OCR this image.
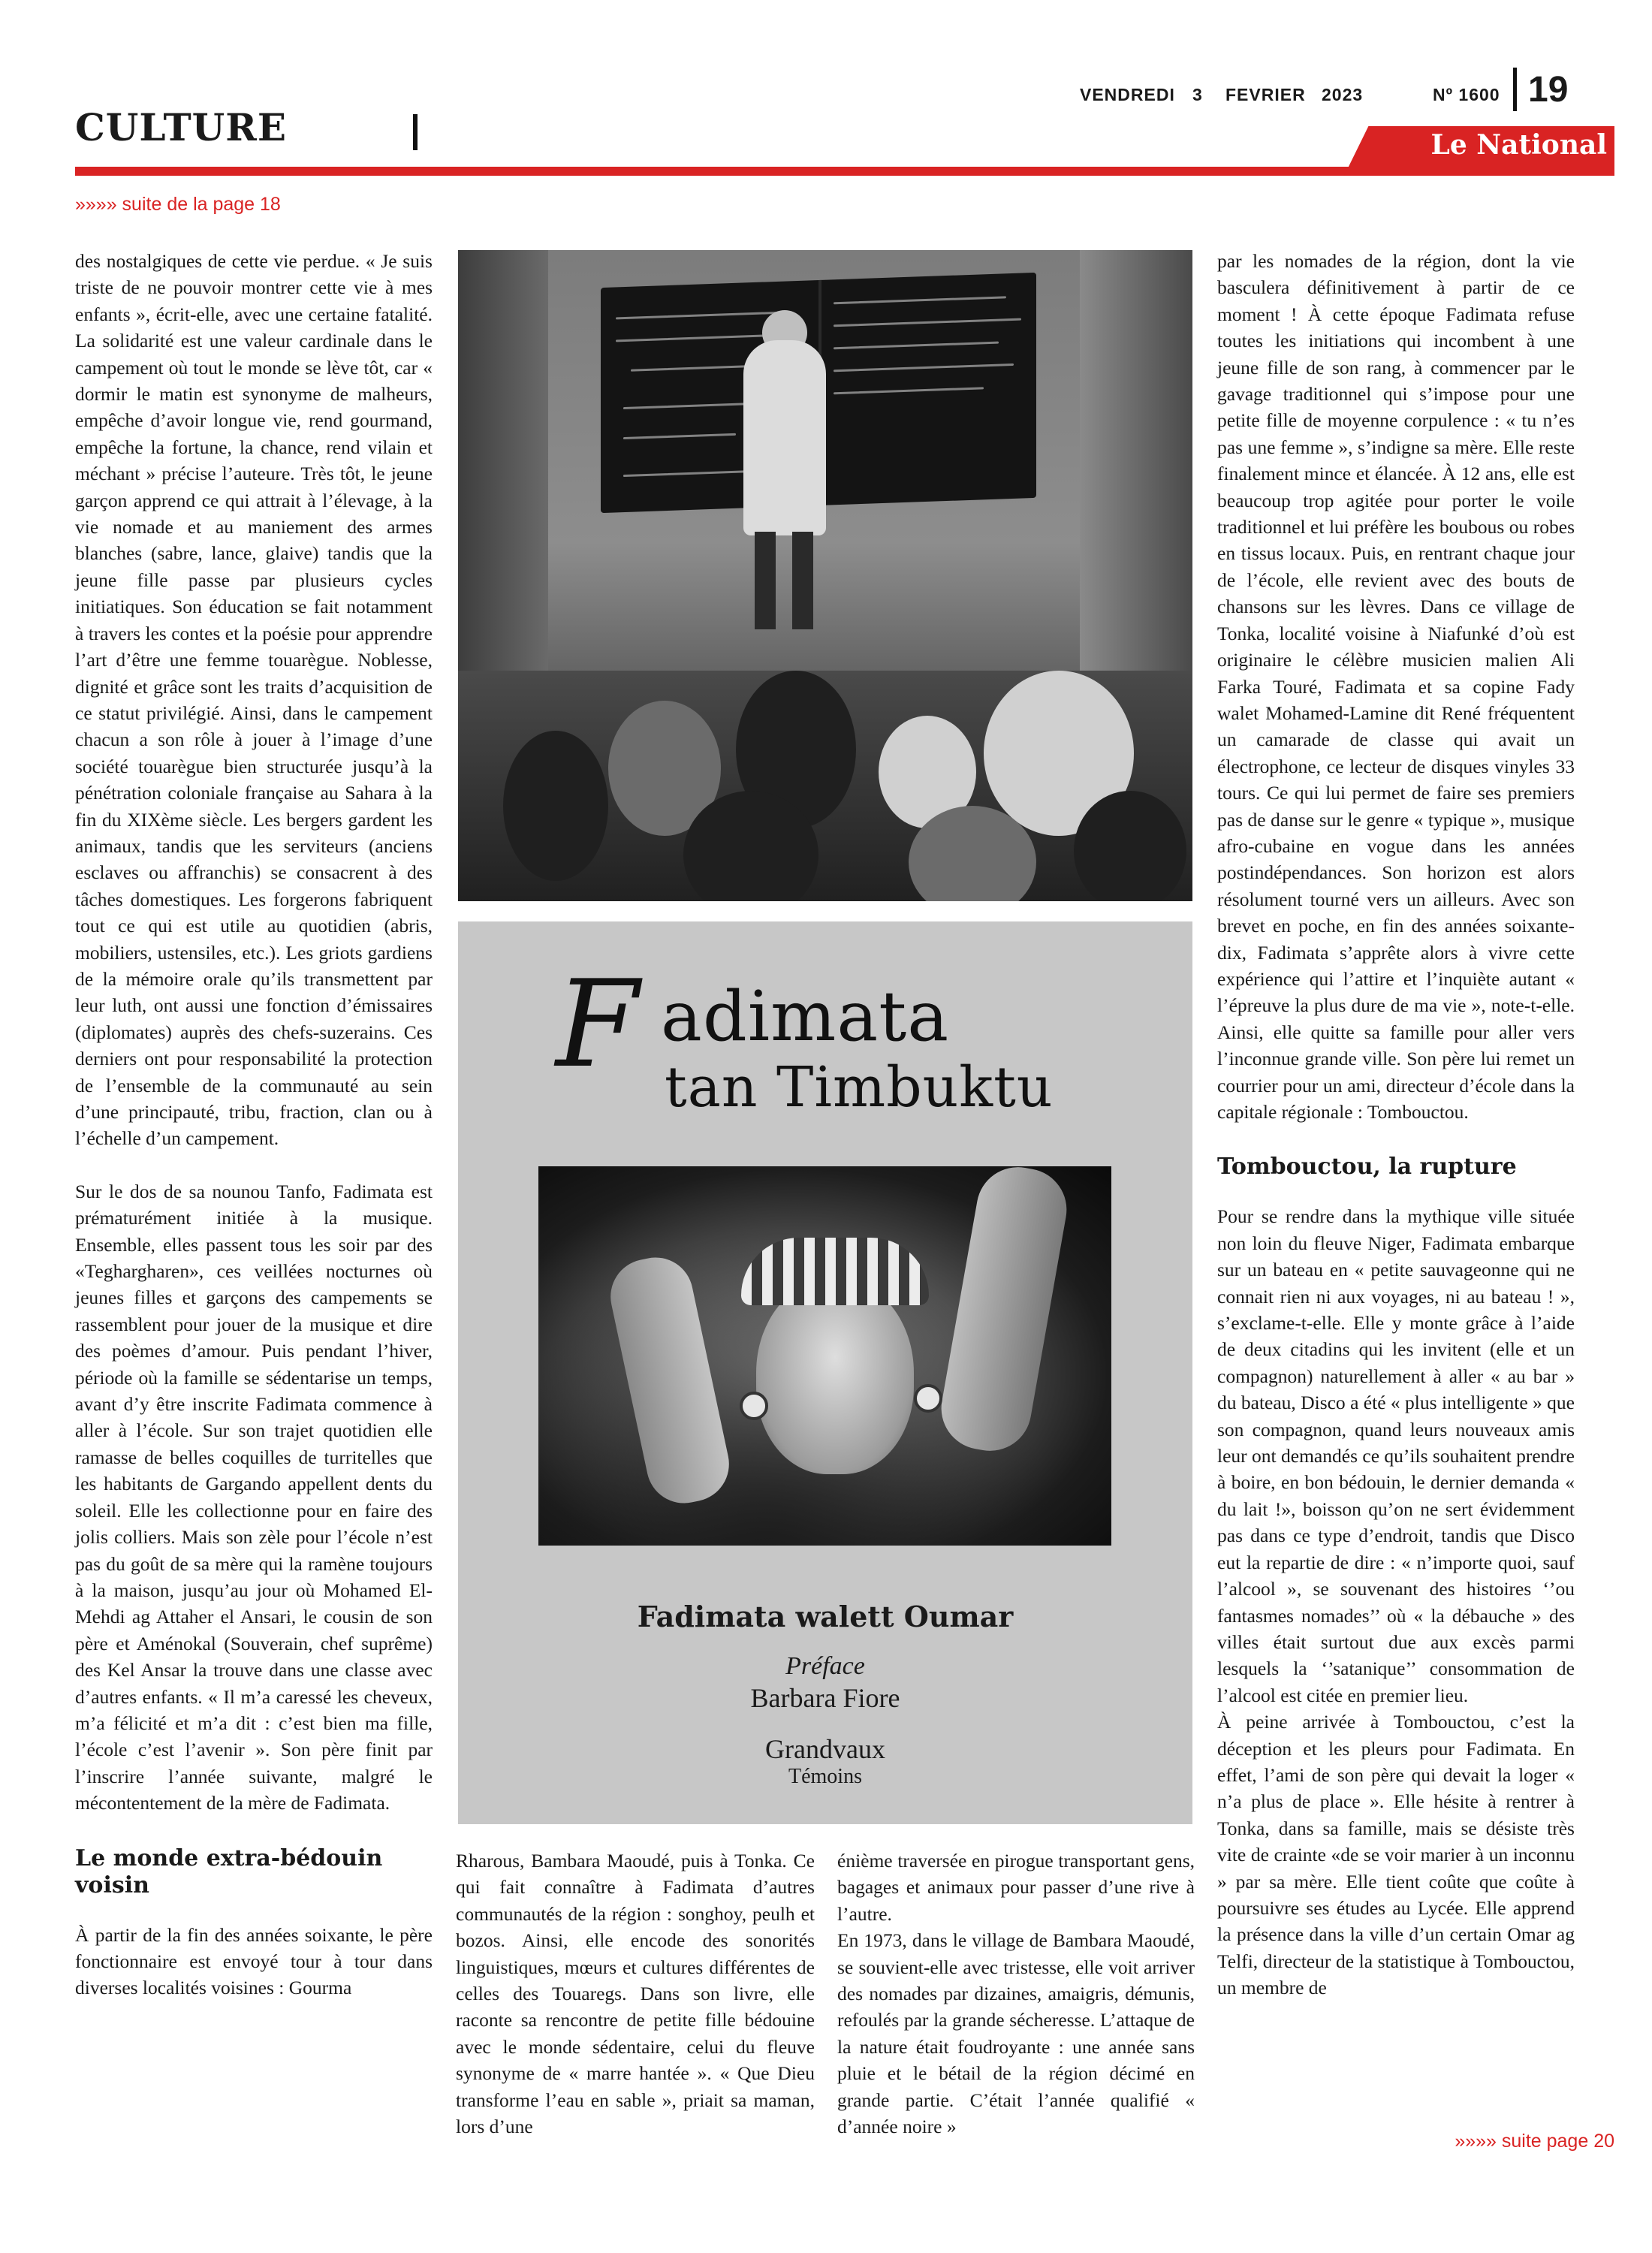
CULTURE
VENDREDI 3 FEVRIER 2023	Nº 1600 19
Le National
»»»» suite de la page 18

des nostalgiques de cette vie perdue. « Je suis triste de ne pouvoir montrer cette vie à mes enfants », écrit-elle, avec une certaine fatalité. La solidarité est une valeur cardinale dans le campement où tout le monde se lève tôt, car « dormir le matin est synonyme de malheurs, empêche d’avoir longue vie, rend gourmand, empêche la fortune, la chance, rend vilain et méchant » précise l’auteure. Très tôt, le jeune garçon apprend ce qui attrait à l’élevage, à la vie nomade et au maniement des armes blanches (sabre, lance, glaive) tandis que la jeune fille passe par plusieurs cycles initiatiques. Son éducation se fait notamment à travers les contes et la poésie pour apprendre l’art d’être une femme touarègue. Noblesse, dignité et grâce sont les traits d’acquisition de ce statut privilégié. Ainsi, dans le campement chacun a son rôle à jouer à l’image d’une société touarègue bien structurée jusqu’à la pénétration coloniale française au Sahara à la fin du XIXème siècle. Les bergers gardent les animaux, tandis que les serviteurs (anciens esclaves ou affranchis) se consacrent à des tâches domestiques. Les forgerons fabriquent tout ce qui est utile au quotidien (abris, mobiliers, ustensiles, etc.). Les griots gardiens de la mémoire orale qu’ils transmettent par leur luth, ont aussi une fonction d’émissaires (diplomates) auprès des chefs-suzerains. Ces derniers ont pour responsabilité la protection de l’ensemble de la communauté au sein d’une principauté, tribu, fraction, clan ou à l’échelle d’un campement.

Sur le dos de sa nounou Tanfo, Fadimata est prématurément initiée à la musique. Ensemble, elles passent tous les soir par des «Teghargharen», ces veillées nocturnes où jeunes filles et garçons des campements se rassemblent pour jouer de la musique et dire des poèmes d’amour. Puis pendant l’hiver, période où la famille se sédentarise un temps, avant d’y être inscrite Fadimata commence à aller à l’école. Sur son trajet quotidien elle ramasse de belles coquilles de turritelles que les habitants de Gargando appellent dents du soleil. Elle les collectionne pour en faire des jolis colliers. Mais son zèle pour l’école n’est pas du goût de sa mère qui la ramène toujours à la maison, jusqu’au jour où Mohamed El-Mehdi ag Attaher el Ansari, le cousin de son père et Aménokal (Souverain, chef suprême) des Kel Ansar la trouve dans une classe avec d’autres enfants. « Il m’a caressé les cheveux, m’a félicité et m’a dit : c’est bien ma fille, l’école c’est l’avenir ». Son père finit par l’inscrire l’année suivante, malgré le mécontentement de la mère de Fadimata.

Le monde extra-bédouin voisin

À partir de la fin des années soixante, le père fonctionnaire est envoyé tour à tour dans diverses localités voisines : Gourma

F adimata
tan Timbuktu
Fadimata walett Oumar
Préface
Barbara Fiore
Grandvaux
Témoins

Rharous, Bambara Maoudé, puis à Tonka. Ce qui fait connaître à Fadimata d’autres communautés de la région : songhoy, peulh et bozos. Ainsi, elle encode des sonorités linguistiques, mœurs et cultures différentes de celles des Touaregs. Dans son livre, elle raconte sa rencontre de petite fille bédouine avec le monde sédentaire, celui du fleuve synonyme de « marre hantée ». « Que Dieu transforme l’eau en sable », priait sa maman, lors d’une

énième traversée en pirogue transportant gens, bagages et animaux pour passer d’une rive à l’autre.

En 1973, dans le village de Bambara Maoudé, se souvient-elle avec tristesse, elle voit arriver des nomades par dizaines, amaigris, démunis, refoulés par la grande sécheresse. L’attaque de la nature était foudroyante : une année sans pluie et le bétail de la région décimé en grande partie. C’était l’année qualifié « d’année noire »

par les nomades de la région, dont la vie basculera définitivement à partir de ce moment ! À cette époque Fadimata refuse toutes les initiations qui incombent à une jeune fille de son rang, à commencer par le gavage traditionnel qui s’impose pour une petite fille de moyenne corpulence : « tu n’es pas une femme », s’indigne sa mère. Elle reste finalement mince et élancée. À 12 ans, elle est beaucoup trop agitée pour porter le voile traditionnel et lui préfère les boubous ou robes en tissus locaux. Puis, en rentrant chaque jour de l’école, elle revient avec des bouts de chansons sur les lèvres. Dans ce village de Tonka, localité voisine à Niafunké d’où est originaire le célèbre musicien malien Ali Farka Touré, Fadimata et sa copine Fady walet Mohamed-Lamine dit René fréquentent un camarade de classe qui avait un électrophone, ce lecteur de disques vinyles 33 tours. Ce qui lui permet de faire ses premiers pas de danse sur le genre « typique », musique afro-cubaine en vogue dans les années postindépendances. Son horizon est alors résolument tourné vers un ailleurs. Avec son brevet en poche, en fin des années soixante-dix, Fadimata s’apprête alors à vivre cette expérience qui l’attire et l’inquiète autant « l’épreuve la plus dure de ma vie », note-t-elle. Ainsi, elle quitte sa famille pour aller vers l’inconnue grande ville. Son père lui remet un courrier pour un ami, directeur d’école dans la capitale régionale : Tombouctou.

Tombouctou, la rupture

Pour se rendre dans la mythique ville située non loin du fleuve Niger, Fadimata embarque sur un bateau en « petite sauvageonne qui ne connait rien ni aux voyages, ni au bateau ! », s’exclame-t-elle. Elle y monte grâce à l’aide de deux citadins qui les invitent (elle et un compagnon) naturellement à aller « au bar » du bateau, Disco a été « plus intelligente » que son compagnon, quand leurs nouveaux amis leur ont demandés ce qu’ils souhaitent prendre à boire, en bon bédouin, le dernier demanda « du lait !», boisson qu’on ne sert évidemment pas dans ce type d’endroit, tandis que Disco eut la repartie de dire : « n’importe quoi, sauf l’alcool », se souvenant des histoires ‘’ou fantasmes nomades’’ où « la débauche » des villes était surtout due aux excès parmi lesquels la ‘’satanique’’ consommation de l’alcool est citée en premier lieu.

À peine arrivée à Tombouctou, c’est la déception et les pleurs pour Fadimata. En effet, l’ami de son père qui devait la loger « n’a plus de place ». Elle hésite à rentrer à Tonka, dans sa famille, mais se désiste très vite de crainte «de se voir marier à un inconnu » par sa mère. Elle tient coûte que coûte à poursuivre ses études au Lycée. Elle apprend la présence dans la ville d’un certain Omar ag Telfi, directeur de la statistique à Tombouctou, un membre de

»»»» suite page 20
